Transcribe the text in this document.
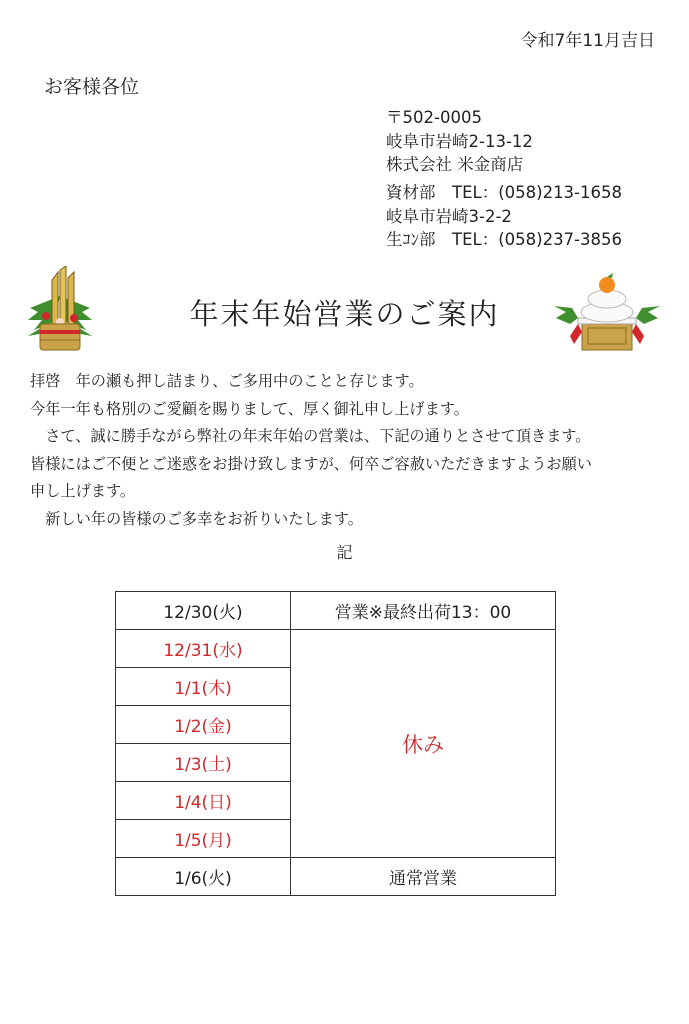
令和7年11月吉日
お客様各位
〒502-0005
岐阜市岩崎2-13-12
株式会社 米金商店
資材部　TEL：(058)213-1658
岐阜市岩崎3-2-2
生ｺﾝ部　TEL：(058)237-3856
年末年始営業のご案内

拝啓　年の瀬も押し詰まり、ご多用中のことと存じます。

今年一年も格別のご愛顧を賜りまして、厚く御礼申し上げます。

　さて、誠に勝手ながら弊社の年末年始の営業は、下記の通りとさせて頂きます。

皆様にはご不便とご迷惑をお掛け致しますが、何卒ご容赦いただきますようお願い

申し上げます。

　新しい年の皆様のご多幸をお祈りいたします。

記
12/30(火)	営業※最終出荷13：00
12/31(水)	休み
1/1(木)	
1/2(金)	
1/3(土)	
1/4(日)	
1/5(月)	
1/6(火)	通常営業
